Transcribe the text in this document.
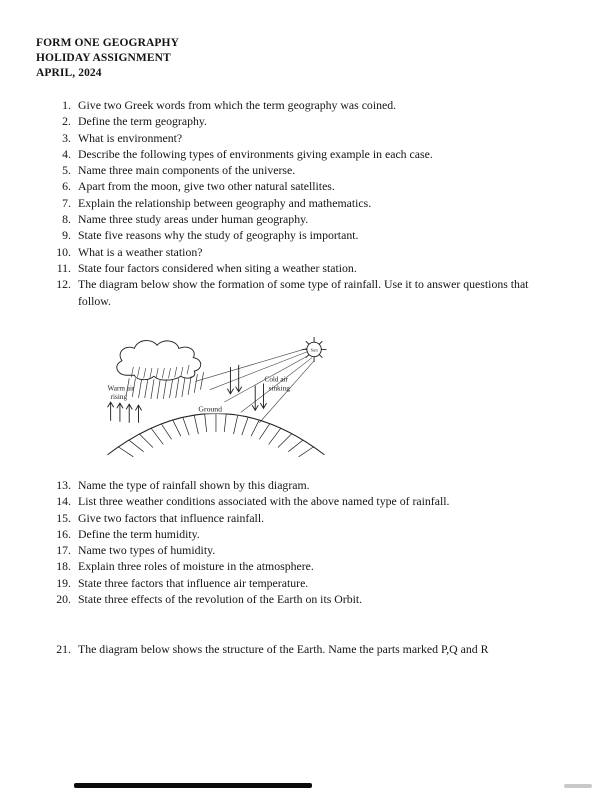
FORM ONE GEOGRAPHY
HOLIDAY ASSIGNMENT
APRIL, 2024
1. Give two Greek words from which the term geography was coined.
2. Define the term geography.
3. What is environment?
4. Describe the following types of environments giving example in each case.
5. Name three main components of the universe.
6. Apart from the moon, give two other natural satellites.
7. Explain the relationship between geography and mathematics.
8. Name three study areas under human geography.
9. State five reasons why the study of geography is important.
10. What is a weather station?
11. State four factors considered when siting a weather station.
12. The diagram below show the formation of some type of rainfall. Use it to answer questions that follow.
Sun
Warm air
rising
Cold air
sinking
Ground
13. Name the type of rainfall shown by this diagram.
14. List three weather conditions associated with the above named type of rainfall.
15. Give two factors that influence rainfall.
16. Define the term humidity.
17. Name two types of humidity.
18. Explain three roles of moisture in the atmosphere.
19. State three factors that influence air temperature.
20. State three effects of the revolution of the Earth on its Orbit.
21. The diagram below shows the structure of the Earth. Name the parts marked P,Q and R
